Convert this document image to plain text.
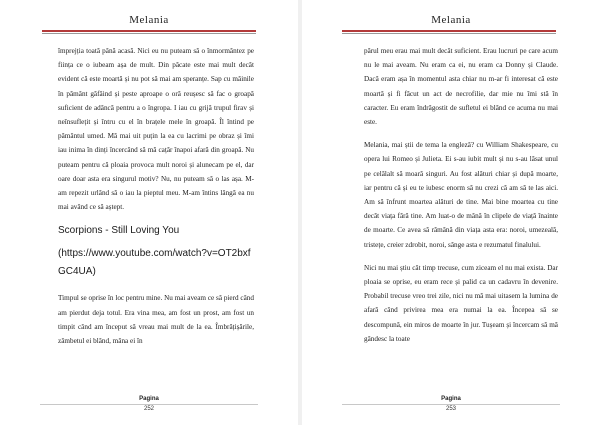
Melania

împrejția toată până acasă. Nici eu nu puteam să o înmormântez pe ființa ce o iubeam așa de mult. Din păcate este mai mult decât evident că este moartă și nu pot să mai am speranțe. Sap cu mâinile în pământ găfâind și peste aproape o oră reușesc să fac o groapă suficient de adâncă pentru a o îngropa. I iau cu grijă trupul firav și neînsuflețit și întru cu el în brațele mele în groapă. Îl întind pe pământul umed. Mă mai uit puțin la ea cu lacrimi pe obraz și îmi iau inima în dinți încercând să mă cațăr înapoi afară din groapă. Nu puteam pentru că ploaia provoca mult noroi și alunecam pe el, dar oare doar asta era singurul motiv? Nu, nu puteam să o las așa. M-am repezit urlând să o iau la pieptul meu. M-am întins lângă ea nu mai având ce să aștept.

Scorpions - Still Loving You
(https://www.youtube.com/watch?v=OT2bxfGC4UA)

Timpul se oprise în loc pentru mine. Nu mai aveam ce să pierd când am pierdut deja totul. Era vina mea, am fost un prost, am fost un timpit când am început să vreau mai mult de la ea. Îmbrățișările, zâmbetul ei blând, mâna ei în

Pagina
252
Melania

părul meu erau mai mult decât suficient. Erau lucruri pe care acum nu le mai aveam. Nu eram ca ei, nu eram ca Donny și Claude. Dacă eram așa în momentul asta chiar nu m-ar fi interesat că este moartă și fi făcut un act de necrofilie, dar mie nu îmi stă în caracter. Eu eram îndrăgostit de sufletul ei blând ce acuma nu mai este.

Melania, mai știi de tema la englezâ? cu William Shakespeare, cu opera lui Romeo și Julieta. Ei s-au iubit mult și nu s-au lăsat unul pe celălalt să moară singuri. Au fost alături chiar și după moarte, iar pentru că și eu te iubesc enorm să nu crezi că am să te las aici. Am să înfrunt moartea alături de tine. Mai bine moartea cu tine decât viața fără tine. Am luat-o de mână în clipele de viață înainte de moarte. Ce avea să rămână din viața asta era: noroi, umezeală, tristețe, creier zdrobit, noroi, sânge asta e rezumatul finalului.

Nici nu mai știu cât timp trecuse, cum ziceam el nu mai exista. Dar ploaia se oprise, eu eram rece și palid ca un cadavru în devenire. Probabil trecuse vreo trei zile, nici nu mă mai uitasem la lumina de afară când privirea mea era numai la ea. Începea să se descompună, ein miros de moarte în jur. Tușeam și încercam să mă gândesc la toate

Pagina
253
